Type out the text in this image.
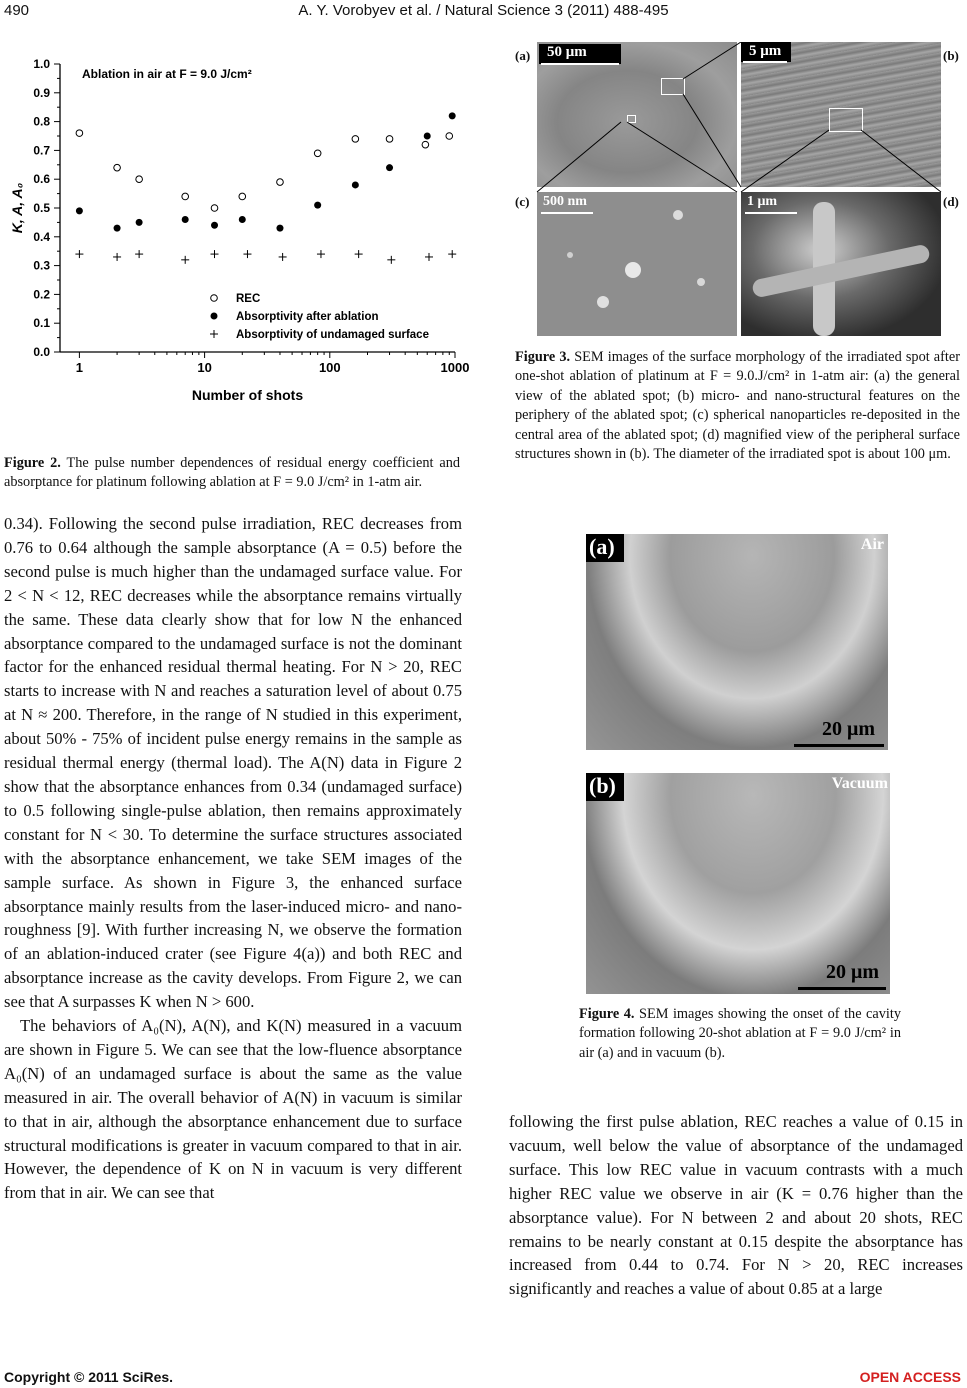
490	A. Y. Vorobyev et al. / Natural Science 3 (2011) 488-495
0.0
0.1
0.2
0.3
0.4
0.5
0.6
0.7
0.8
0.9
1.0
1	10	100	1000
Number of shots
K, A, A₀
Ablation in air at F = 9.0 J/cm²
REC
Absorptivity after ablation
Absorptivity of undamaged surface
Figure 2. The pulse number dependences of residual energy coefficient and absorptance for platinum following ablation at F = 9.0 J/cm² in 1-atm air.

0.34). Following the second pulse irradiation, REC decreases from 0.76 to 0.64 although the sample absorptance (A = 0.5) before the second pulse is much higher than the undamaged surface value. For 2 < N < 12, REC decreases while the absorptance remains virtually the same. These data clearly show that for low N the enhanced absorptance compared to the undamaged surface is not the dominant factor for the enhanced residual thermal heating. For N > 20, REC starts to increase with N and reaches a saturation level of about 0.75 at N ≈ 200. Therefore, in the range of N studied in this experiment, about 50% - 75% of incident pulse energy remains in the sample as residual thermal energy (thermal load). The A(N) data in Figure 2 show that the absorptance enhances from 0.34 (undamaged surface) to 0.5 following single-pulse ablation, then remains approximately constant for N < 30. To determine the surface structures associated with the absorptance enhancement, we take SEM images of the sample surface. As shown in Figure 3, the enhanced surface absorptance mainly results from the laser-induced micro- and nano-roughness [9]. With further increasing N, we observe the formation of an ablation-induced crater (see Figure 4(a)) and both REC and absorptance increase as the cavity develops. From Figure 2, we can see that A surpasses K when N > 600.

The behaviors of A₀(N), A(N), and K(N) measured in a vacuum are shown in Figure 5. We can see that the low-fluence absorptance A₀(N) of an undamaged surface is about the same as the value measured in air. The overall behavior of A(N) in vacuum is similar to that in air, although the absorptance enhancement due to surface structural modifications is greater in vacuum compared to that in air. However, the dependence of K on N in vacuum is very different from that in air. We can see that

(a)
(c)
(b)
(d)
50 μm	5 μm
500 nm	1 μm
Figure 3. SEM images of the surface morphology of the irradiated spot after one-shot ablation of platinum at F = 9.0.J/cm² in 1-atm air: (a) the general view of the ablated spot; (b) micro- and nano-structural features on the periphery of the ablated spot; (c) spherical nanoparticles re-deposited in the central area of the ablated spot; (d) magnified view of the peripheral surface structures shown in (b). The diameter of the irradiated spot is about 100 μm.
(a)	Air
20 μm
(b)	Vacuum
20 μm
Figure 4. SEM images showing the onset of the cavity formation following 20-shot ablation at F = 9.0 J/cm² in air (a) and in vacuum (b).

following the first pulse ablation, REC reaches a value of 0.15 in vacuum, well below the value of absorptance of the undamaged surface. This low REC value in vacuum contrasts with a much higher REC value we observe in air (K = 0.76 higher than the absorptance value). For N between 2 and about 20 shots, REC remains to be nearly constant at 0.15 despite the absorptance has increased from 0.44 to 0.74. For N > 20, REC increases significantly and reaches a value of about 0.85 at a large

Copyright © 2011 SciRes.	OPEN ACCESS
